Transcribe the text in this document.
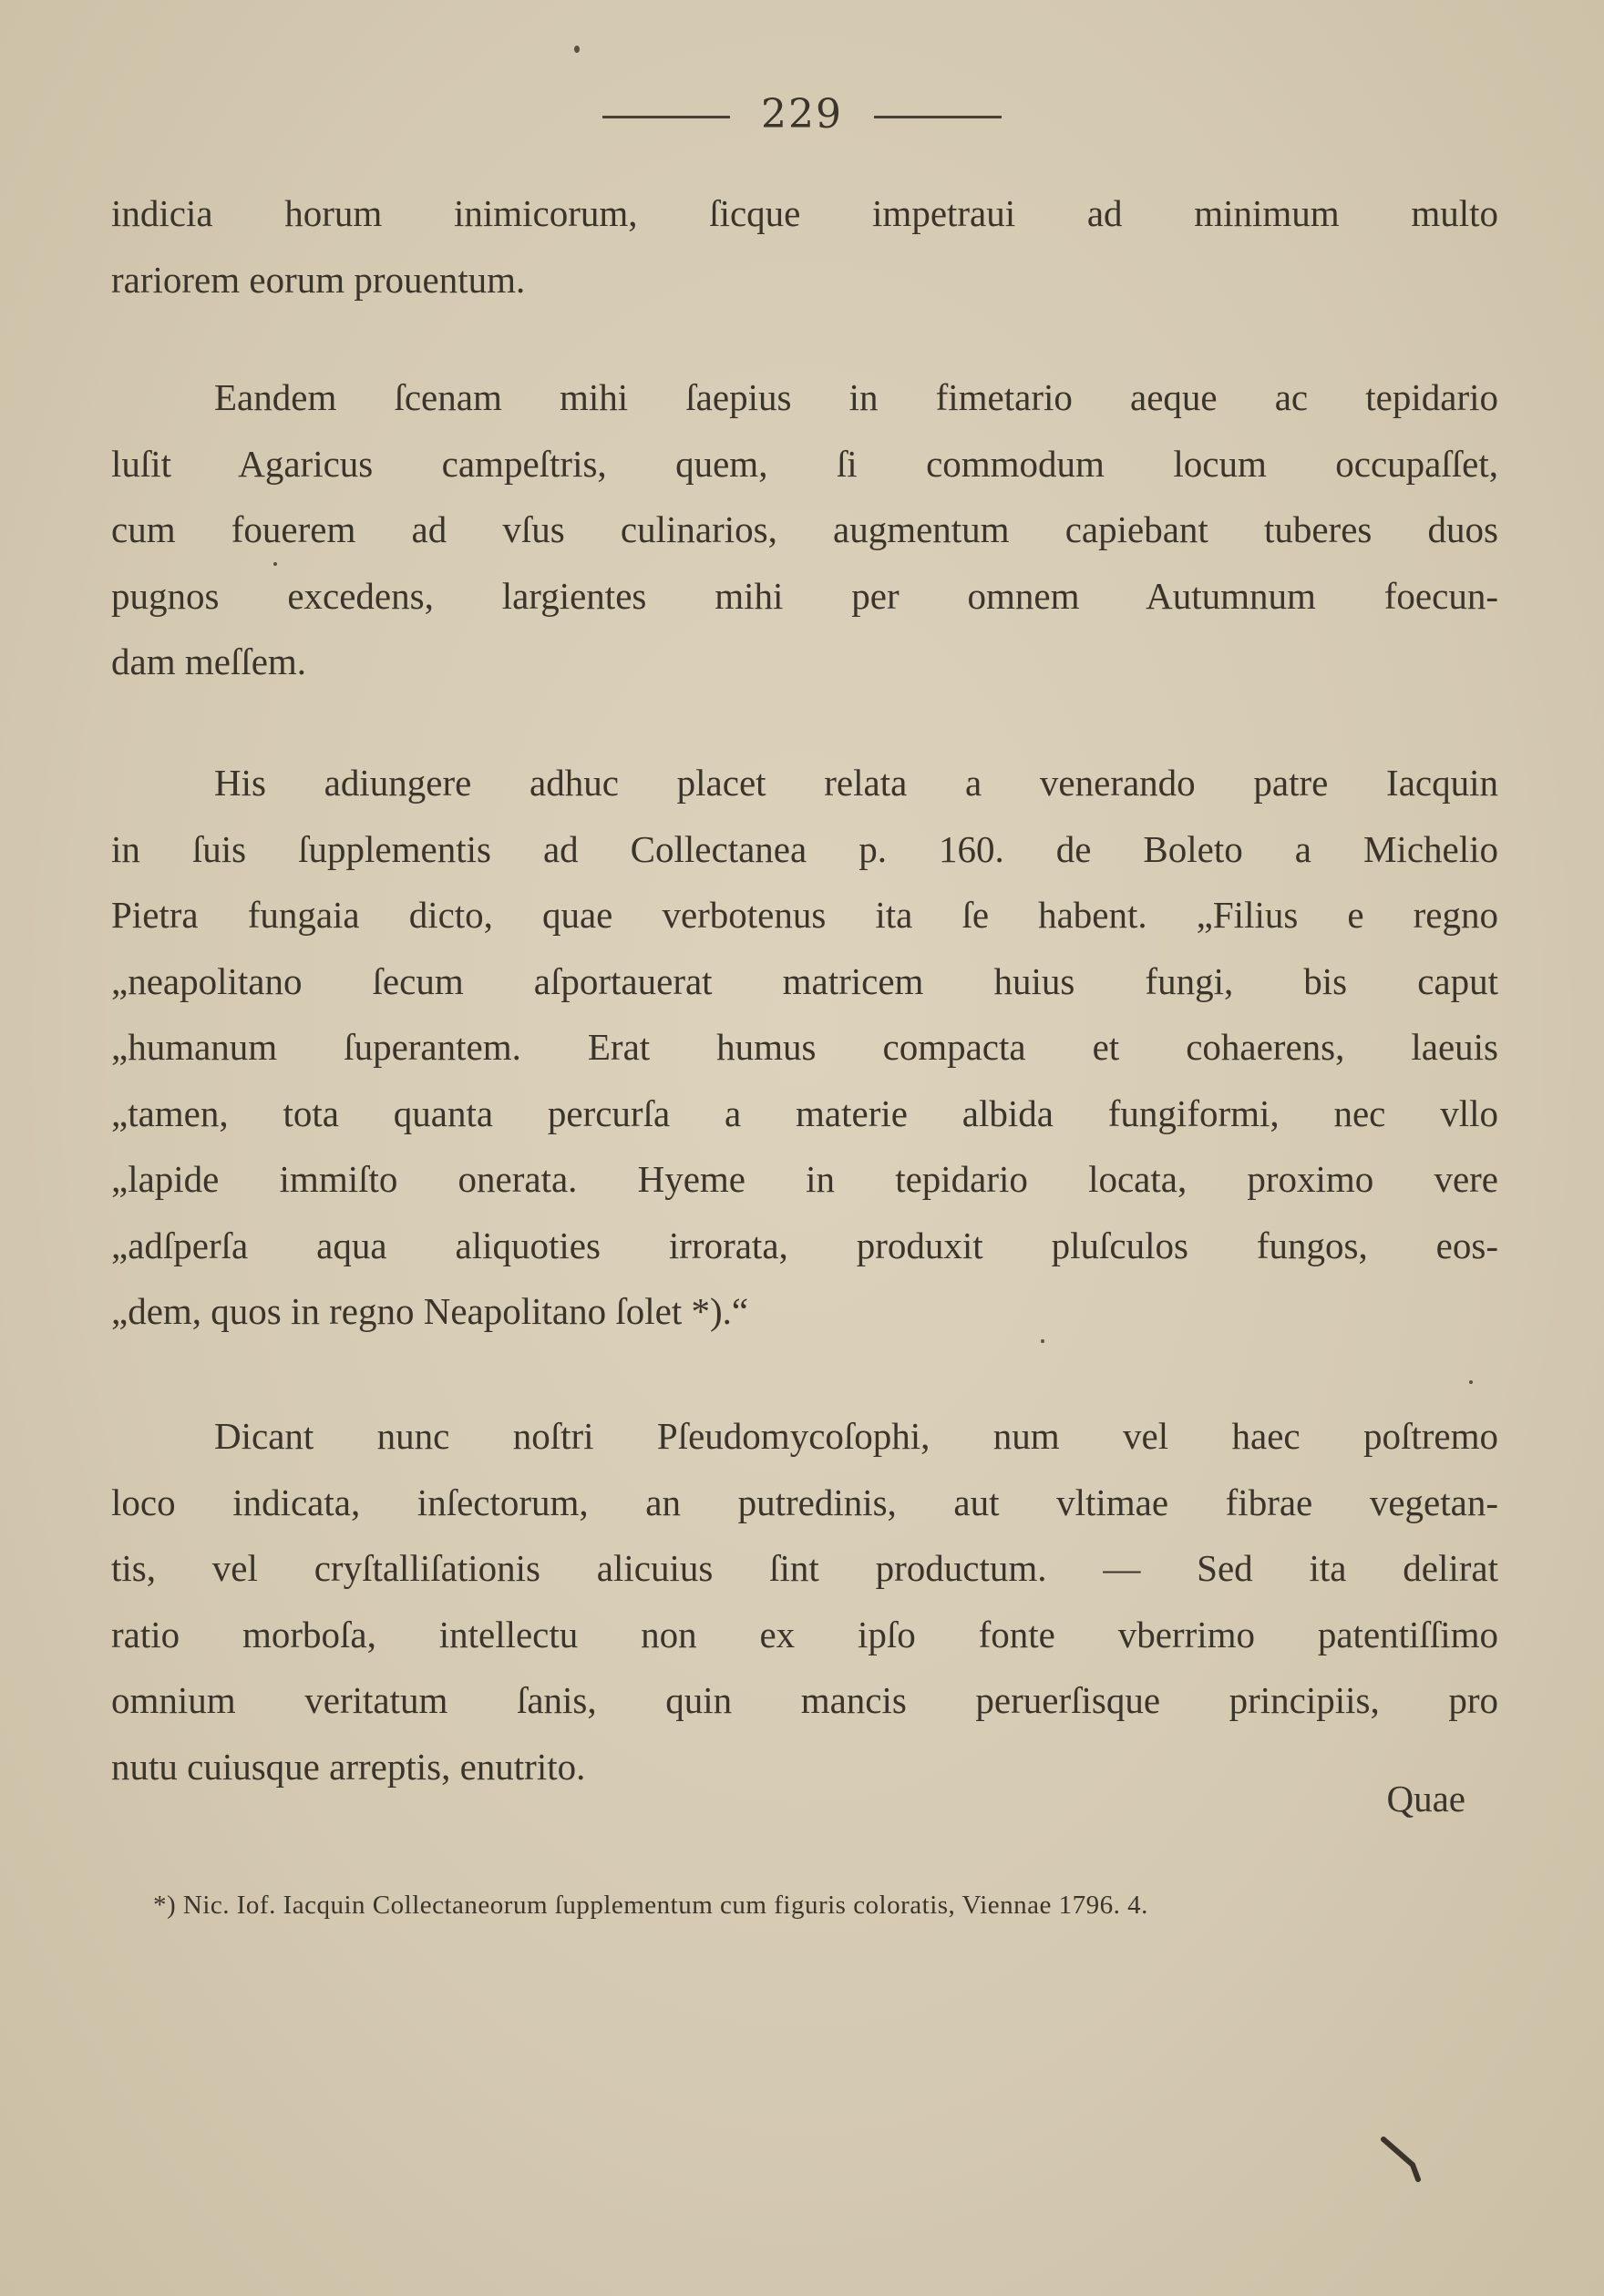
229
indicia horum inimicorum, ſicque impetraui ad minimum multo
rariorem eorum prouentum.
Eandem ſcenam mihi ſaepius in fimetario aeque ac tepidario
luſit Agaricus campeſtris, quem, ſi commodum locum occupaſſet,
cum fouerem ad vſus culinarios, augmentum capiebant tuberes duos
pugnos excedens, largientes mihi per omnem Autumnum foecun-
dam meſſem.
His adiungere adhuc placet relata a venerando patre Iacquin
in ſuis ſupplementis ad Collectanea p. 160. de Boleto a Michelio
Pietra fungaia dicto, quae verbotenus ita ſe habent. „Filius e regno
„neapolitano ſecum aſportauerat matricem huius fungi, bis caput
„humanum ſuperantem. Erat humus compacta et cohaerens, laeuis
„tamen, tota quanta percurſa a materie albida fungiformi, nec vllo
„lapide immiſto onerata. Hyeme in tepidario locata, proximo vere
„adſperſa aqua aliquoties irrorata, produxit pluſculos fungos, eos-
„dem, quos in regno Neapolitano ſolet *).“
Dicant nunc noſtri Pſeudomycoſophi, num vel haec poſtremo
loco indicata, inſectorum, an putredinis, aut vltimae fibrae vegetan-
tis, vel cryſtalliſationis alicuius ſint productum. — Sed ita delirat
ratio morboſa, intellectu non ex ipſo fonte vberrimo patentiſſimo
omnium veritatum ſanis, quin mancis peruerſisque principiis, pro
nutu cuiusque arreptis, enutrito.
Quae
*) Nic. Iof. Iacquin Collectaneorum ſupplementum cum figuris coloratis, Viennae 1796. 4.
